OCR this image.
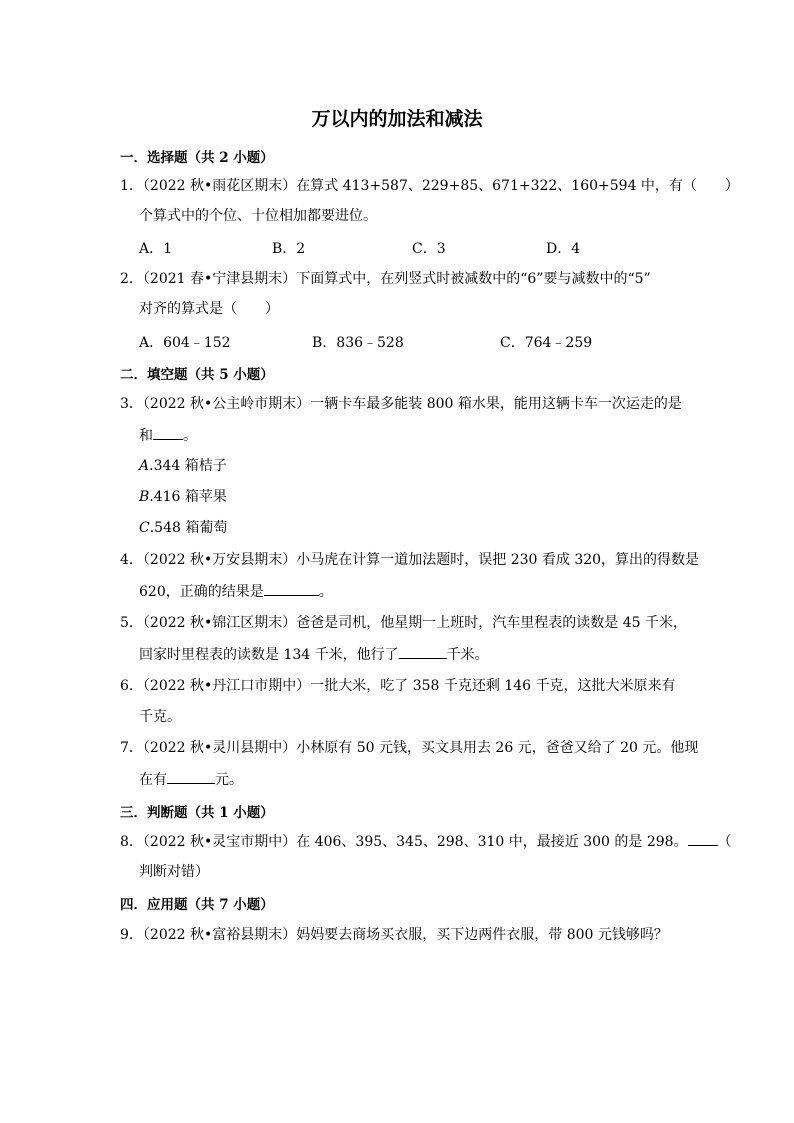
万以内的加法和减法
一．选择题（共 2 小题）
1．（2022 秋•雨花区期末）在算式 413+587、229+85、671+322、160+594 中，有（　　）
个算式中的个位、十位相加都要进位。
A．1	B．2	C．3	D．4
2．（2021 春•宁津县期末）下面算式中，在列竖式时被减数中的“6”要与减数中的“5”
对齐的算式是（　　）
A．604﹣152	B．836﹣528	C．764﹣259
二．填空题（共 5 小题）
3．（2022 秋•公主岭市期末）一辆卡车最多能装 800 箱水果，能用这辆卡车一次运走的是
和 。
A.344 箱桔子
B.416 箱苹果
C.548 箱葡萄
4．（2022 秋•万安县期末）小马虎在计算一道加法题时，误把 230 看成 320，算出的得数是
620，正确的结果是	。
5．（2022 秋•锦江区期末）爸爸是司机，他星期一上班时，汽车里程表的读数是 45 千米，
回家时里程表的读数是 134 千米，他行了	千米。
6．（2022 秋•丹江口市期中）一批大米，吃了 358 千克还剩 146 千克，这批大米原来有
千克。
7．（2022 秋•灵川县期中）小林原有 50 元钱，买文具用去 26 元，爸爸又给了 20 元。他现
在有	元。
三．判断题（共 1 小题）
8．（2022 秋•灵宝市期中）在 406、395、345、298、310 中，最接近 300 的是 298。 （
判断对错）
四．应用题（共 7 小题）
9．（2022 秋•富裕县期末）妈妈要去商场买衣服，买下边两件衣服，带 800 元钱够吗？
